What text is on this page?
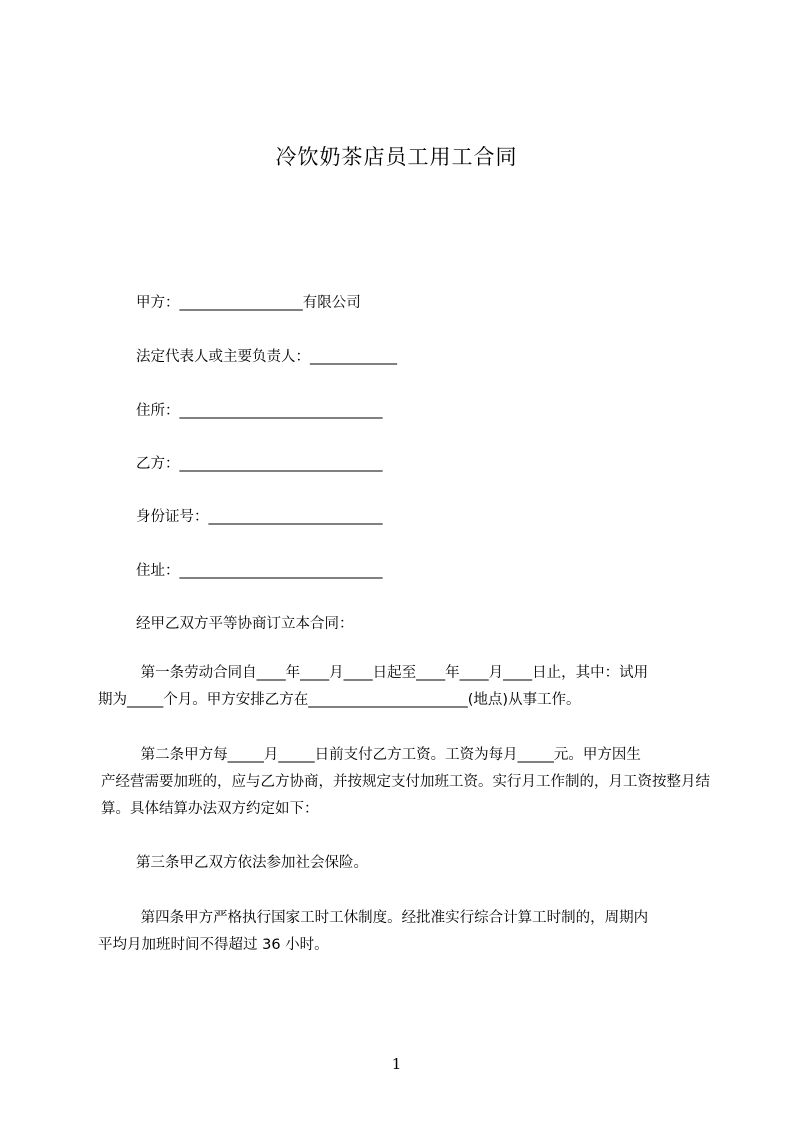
冷饮奶茶店员工用工合同
甲方：_________________有限公司
法定代表人或主要负责人：____________
住所：____________________________
乙方：____________________________
身份证号：________________________
住址：____________________________
经甲乙双方平等协商订立本合同：
第一条劳动合同自____年____月____日起至____年____月____日止，其中：试用
期为_____个月。甲方安排乙方在______________________(地点)从事工作。
第二条甲方每_____月_____日前支付乙方工资。工资为每月_____元。甲方因生
产经营需要加班的，应与乙方协商，并按规定支付加班工资。实行月工作制的，月工资按整月结算。具体结算办法双方约定如下：
第三条甲乙双方依法参加社会保险。
第四条甲方严格执行国家工时工休制度。经批准实行综合计算工时制的，周期内
平均月加班时间不得超过 36 小时。
1
